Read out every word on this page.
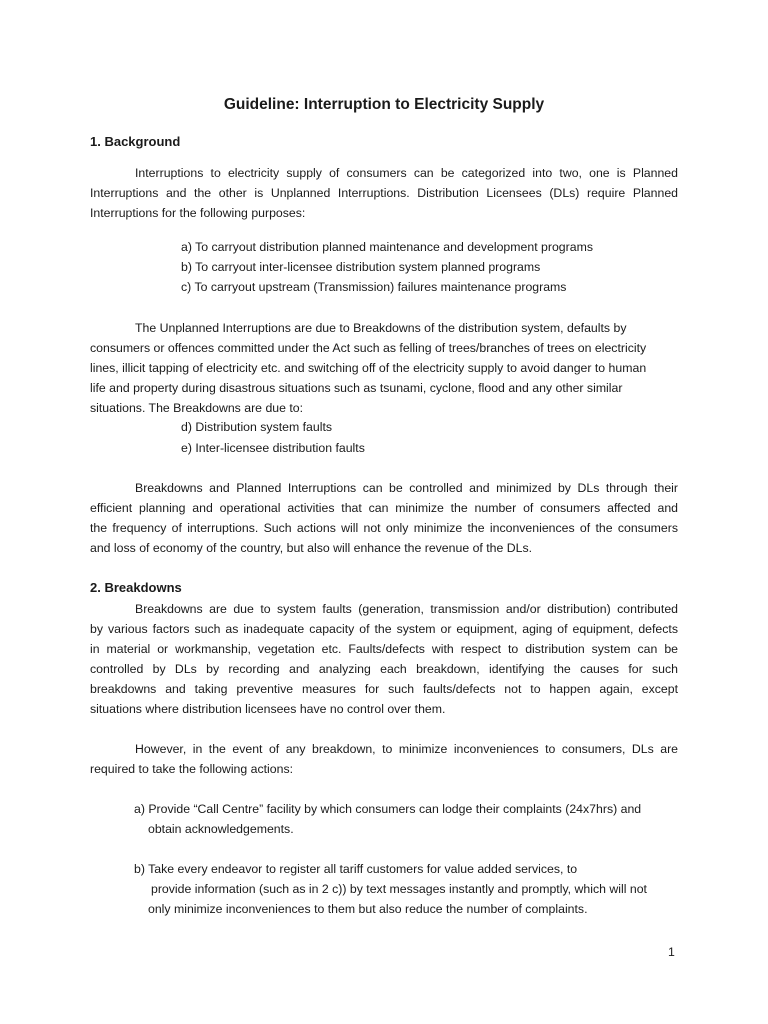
Guideline: Interruption to Electricity Supply
1. Background
Interruptions to electricity supply of consumers can be categorized into two, one is Planned
Interruptions and the other is Unplanned Interruptions. Distribution Licensees (DLs) require Planned
Interruptions for the following purposes:
a) To carryout distribution planned maintenance and development programs
b) To carryout inter-licensee distribution system planned programs
c) To carryout upstream (Transmission) failures maintenance programs
The Unplanned Interruptions are due to Breakdowns of the distribution system, defaults by
consumers or offences committed under the Act such as felling of trees/branches of trees on electricity
lines, illicit tapping of electricity etc. and switching off of the electricity supply to avoid danger to human
life and property during disastrous situations such as tsunami, cyclone, flood and any other similar
situations. The Breakdowns are due to:
d) Distribution system faults
e) Inter-licensee distribution faults
Breakdowns and Planned Interruptions can be controlled and minimized by DLs through their
efficient planning and operational activities that can minimize the number of consumers affected and
the frequency of interruptions. Such actions will not only minimize the inconveniences of the consumers
and loss of economy of the country, but also will enhance the revenue of the DLs.
2. Breakdowns
Breakdowns are due to system faults (generation, transmission and/or distribution) contributed
by various factors such as inadequate capacity of the system or equipment, aging of equipment, defects
in material or workmanship, vegetation etc. Faults/defects with respect to distribution system can be
controlled by DLs by recording and analyzing each breakdown, identifying the causes for such
breakdowns and taking preventive measures for such faults/defects not to happen again, except
situations where distribution licensees have no control over them.
However, in the event of any breakdown, to minimize inconveniences to consumers, DLs are
required to take the following actions:
a) Provide “Call Centre” facility by which consumers can lodge their complaints (24x7hrs) and
obtain acknowledgements.
b) Take every endeavor to register all tariff customers for value added services, to
provide information (such as in 2 c)) by text messages instantly and promptly, which will not
only minimize inconveniences to them but also reduce the number of complaints.
1
